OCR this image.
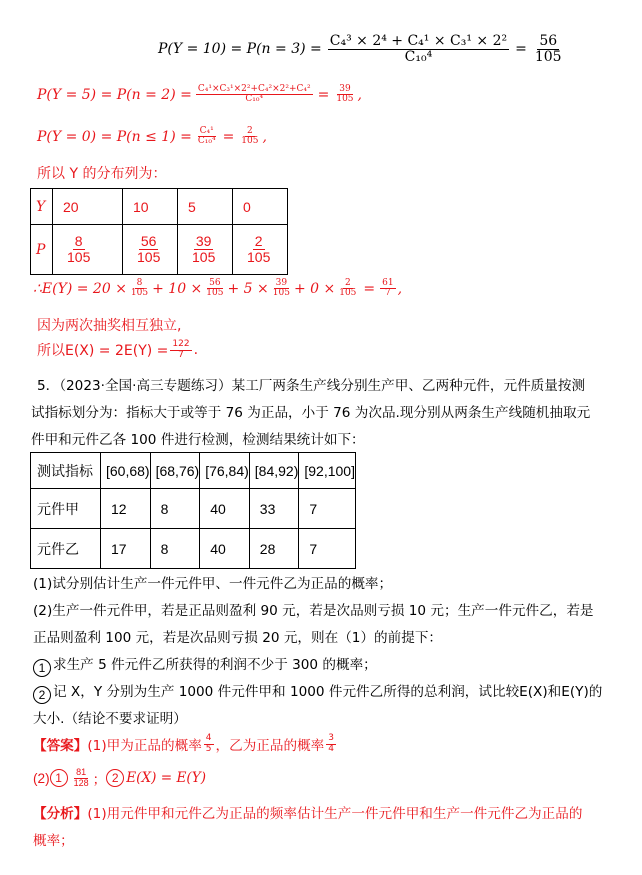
$P(Y = 10) = P(n = 3) = \frac{\text{C₄³ × 2⁴ + C₄¹ × C₃¹ × 2²}}{\text{C₁₀⁴}} = \frac{56}{105}$
$P(Y = 5) = P(n = 2) = \frac{\text{C₄¹×C₃¹×2²+C₄²×2²+C₄²}}{\text{C₁₀⁴}} = \frac{39}{105}$ ,
$P(Y = 0) = P(n \le 1) = \frac{\text{C₄¹}}{\text{C₁₀⁴}} = \frac{2}{105}$ ,
所以 Y 的分布列为：
Y	20	10	5	0
P	$\frac{8}{105}$	$\frac{56}{105}$	$\frac{39}{105}$	$\frac{2}{105}$
∴E(Y) = $20 \times \frac{8}{105} + 10 \times \frac{56}{105} + 5 \times \frac{39}{105} + 0 \times \frac{2}{105} = \frac{61}{7}$ ,
因为两次抽奖相互独立,
所以$E(X) = 2E(Y) = \frac{122}{7}$ .
5．（2023·全国·高三专题练习）某工厂两条生产线分别生产甲、乙两种元件，元件质量按测
试指标划分为：指标大于或等于 76 为正品，小于 76 为次品.现分别从两条生产线随机抽取元
件甲和元件乙各 100 件进行检测，检测结果统计如下：
测试指标	[60,68)	[68,76)	[76,84)	[84,92)	[92,100]
元件甲	12	8	40	33	7
元件乙	17	8	40	28	7
(1)试分别估计生产一件元件甲、一件元件乙为正品的概率；
(2)生产一件元件甲，若是正品则盈利 90 元，若是次品则亏损 10 元；生产一件元件乙，若是
正品则盈利 100 元，若是次品则亏损 20 元，则在（1）的前提下：
1 求生产 5 件元件乙所获得的利润不少于 300 的概率；
2 记 X，Y 分别为生产 1000 件元件甲和 1000 件元件乙所得的总利润，试比较E(X)和E(Y)的
大小.（结论不要求证明）
【答案】 (1)甲为正品的概率 $\frac{4}{5}$ ，乙为正品的概率 $\frac{3}{4}$
(2) 1	$\frac{81}{128}$ ； 2 E(X) = E(Y)
【分析】(1)用元件甲和元件乙为正品的频率估计生产一件元件甲和生产一件元件乙为正品的
概率；
